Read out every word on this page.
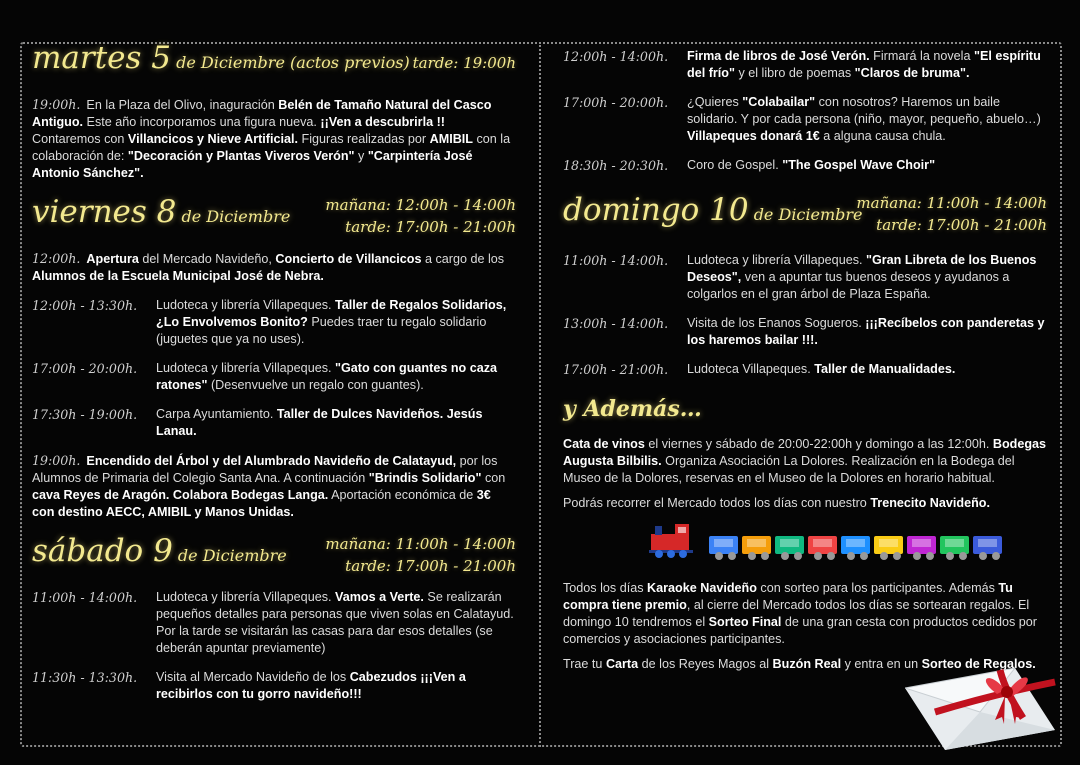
martes 5 de Diciembre (actos previos) tarde: 19:00h
19:00h. En la Plaza del Olivo, inaguración Belén de Tamaño Natural del Casco Antiguo. Este año incorporamos una figura nueva. ¡¡Ven a descubrirla !! Contaremos con Villancicos y Nieve Artificial. Figuras realizadas por AMIBIL con la colaboración de: "Decoración y Plantas Viveros Verón" y "Carpintería José Antonio Sánchez".
viernes 8 de Diciembre
mañana: 12:00h - 14:00h
tarde: 17:00h - 21:00h
12:00h. Apertura del Mercado Navideño, Concierto de Villancicos a cargo de los Alumnos de la Escuela Municipal José de Nebra.
12:00h - 13:30h. Ludoteca y librería Villapeques. Taller de Regalos Solidarios, ¿Lo Envolvemos Bonito? Puedes traer tu regalo solidario (juguetes que ya no uses).
17:00h - 20:00h. Ludoteca y librería Villapeques. "Gato con guantes no caza ratones" (Desenvuelve un regalo con guantes).
17:30h - 19:00h. Carpa Ayuntamiento. Taller de Dulces Navideños. Jesús Lanau.
19:00h. Encendido del Árbol y del Alumbrado Navideño de Calatayud, por los Alumnos de Primaria del Colegio Santa Ana. A continuación "Brindis Solidario" con cava Reyes de Aragón. Colabora Bodegas Langa. Aportación económica de 3€ con destino AECC, AMIBIL y Manos Unidas.
sábado 9 de Diciembre
mañana: 11:00h - 14:00h
tarde: 17:00h - 21:00h
11:00h - 14:00h. Ludoteca y librería Villapeques. Vamos a Verte. Se realizarán pequeños detalles para personas que viven solas en Calatayud. Por la tarde se visitarán las casas para dar esos detalles (se deberán apuntar previamente)
11:30h - 13:30h. Visita al Mercado Navideño de los Cabezudos ¡¡¡Ven a recibirlos con tu gorro navideño!!!
12:00h - 14:00h. Firma de libros de José Verón. Firmará la novela "El espíritu del frío" y el libro de poemas "Claros de bruma".
17:00h - 20:00h. ¿Quieres "Colabailar" con nosotros? Haremos un baile solidario. Y por cada persona (niño, mayor, pequeño, abuelo…) Villapeques donará 1€ a alguna causa chula.
18:30h - 20:30h. Coro de Gospel. "The Gospel Wave Choir"
domingo 10 de Diciembre
mañana: 11:00h - 14:00h
tarde: 17:00h - 21:00h
11:00h - 14:00h. Ludoteca y librería Villapeques. "Gran Libreta de los Buenos Deseos", ven a apuntar tus buenos deseos y ayudanos a colgarlos en el gran árbol de Plaza España.
13:00h - 14:00h. Visita de los Enanos Sogueros. ¡¡¡Recíbelos con panderetas y los haremos bailar !!!.
17:00h - 21:00h. Ludoteca Villapeques. Taller de Manualidades.
y Además…
Cata de vinos el viernes y sábado de 20:00-22:00h y domingo a las 12:00h. Bodegas Augusta Bilbilis. Organiza Asociación La Dolores. Realización en la Bodega del Museo de la Dolores, reservas en el Museo de la Dolores en horario habitual.
Podrás recorrer el Mercado todos los días con nuestro Trenecito Navideño.
Todos los días Karaoke Navideño con sorteo para los participantes. Además Tu compra tiene premio, al cierre del Mercado todos los días se sortearan regalos. El domingo 10 tendremos el Sorteo Final de una gran cesta con productos cedidos por comercios y asociaciones participantes.
Trae tu Carta de los Reyes Magos al Buzón Real y entra en un Sorteo de Regalos.
